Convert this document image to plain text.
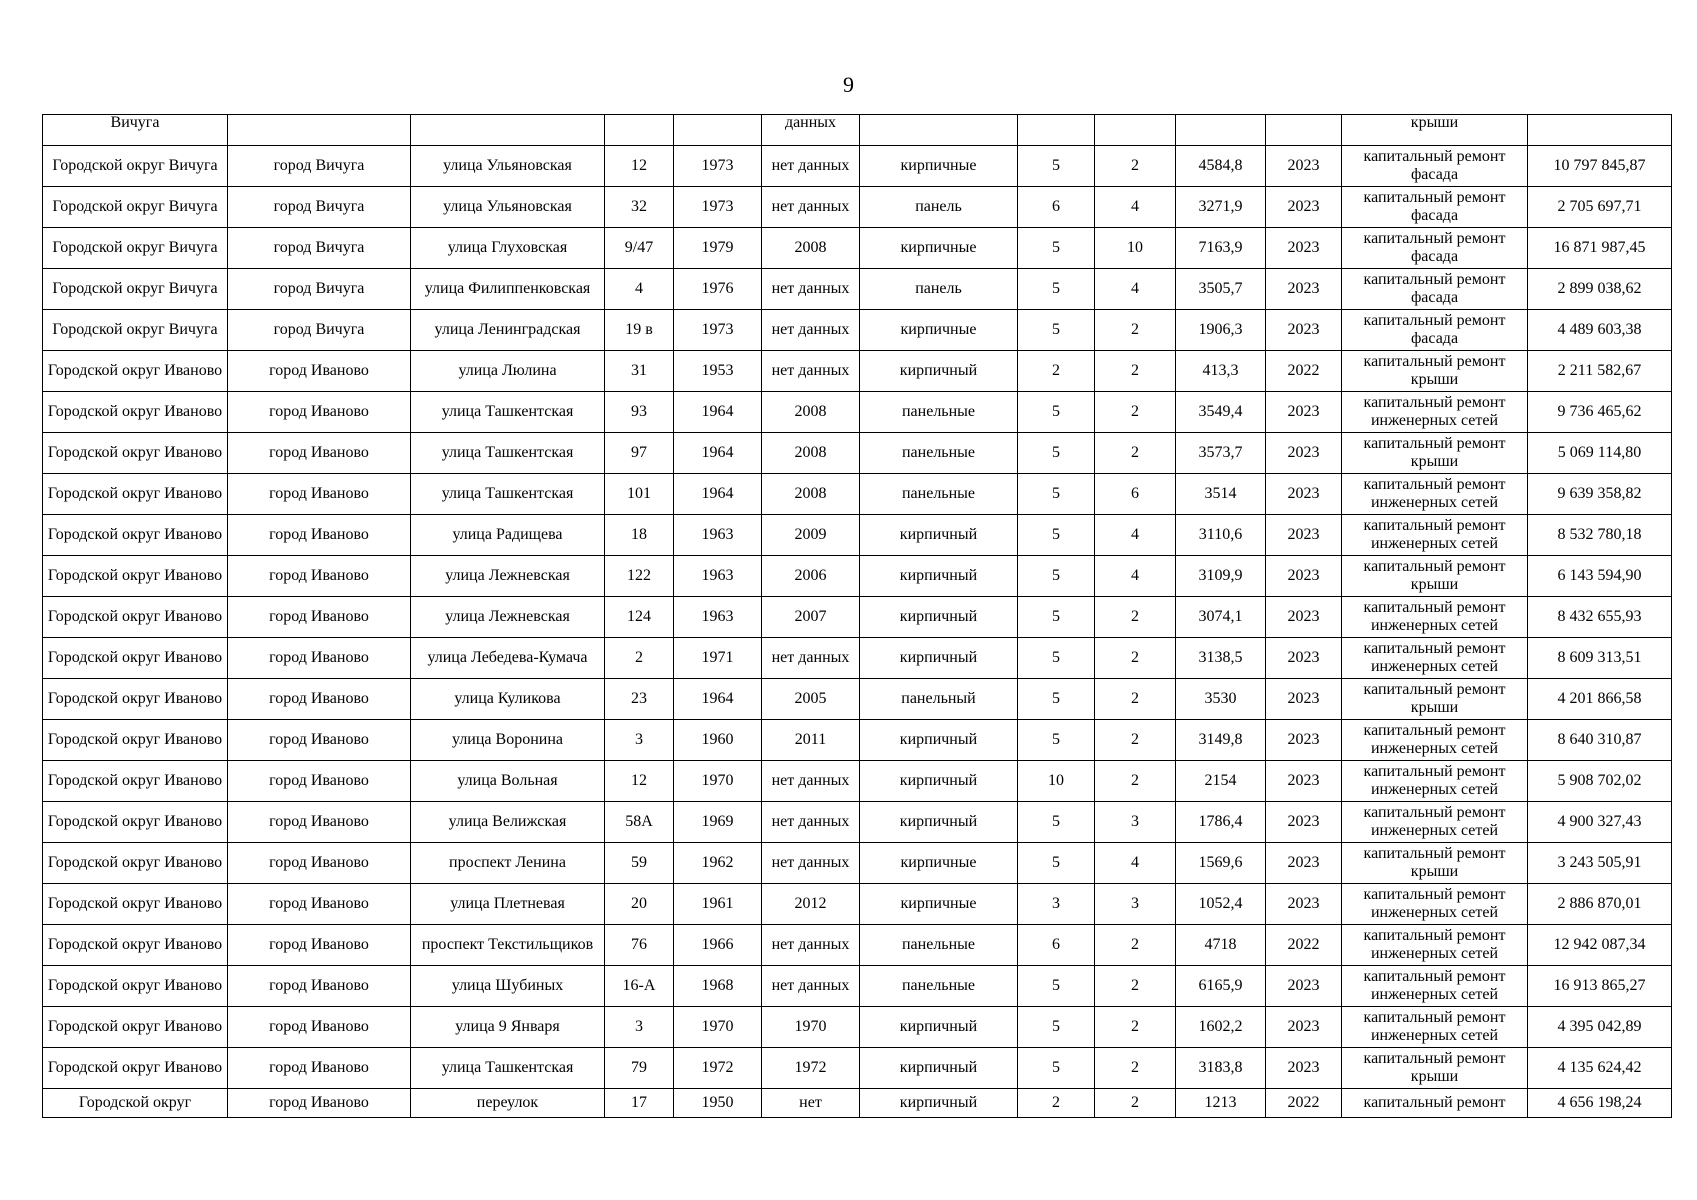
9
Вичуга					данных						крыши	
Городской округ Вичуга	город Вичуга	улица Ульяновская	12	1973	нет данных	кирпичные	5	2	4584,8	2023	капитальный ремонт фасада	10 797 845,87
Городской округ Вичуга	город Вичуга	улица Ульяновская	32	1973	нет данных	панель	6	4	3271,9	2023	капитальный ремонт фасада	2 705 697,71
Городской округ Вичуга	город Вичуга	улица Глуховская	9/47	1979	2008	кирпичные	5	10	7163,9	2023	капитальный ремонт фасада	16 871 987,45
Городской округ Вичуга	город Вичуга	улица Филиппенковская	4	1976	нет данных	панель	5	4	3505,7	2023	капитальный ремонт фасада	2 899 038,62
Городской округ Вичуга	город Вичуга	улица Ленинградская	19 в	1973	нет данных	кирпичные	5	2	1906,3	2023	капитальный ремонт фасада	4 489 603,38
Городской округ Иваново	город Иваново	улица Люлина	31	1953	нет данных	кирпичный	2	2	413,3	2022	капитальный ремонт крыши	2 211 582,67
Городской округ Иваново	город Иваново	улица Ташкентская	93	1964	2008	панельные	5	2	3549,4	2023	капитальный ремонт инженерных сетей	9 736 465,62
Городской округ Иваново	город Иваново	улица Ташкентская	97	1964	2008	панельные	5	2	3573,7	2023	капитальный ремонт крыши	5 069 114,80
Городской округ Иваново	город Иваново	улица Ташкентская	101	1964	2008	панельные	5	6	3514	2023	капитальный ремонт инженерных сетей	9 639 358,82
Городской округ Иваново	город Иваново	улица Радищева	18	1963	2009	кирпичный	5	4	3110,6	2023	капитальный ремонт инженерных сетей	8 532 780,18
Городской округ Иваново	город Иваново	улица Лежневская	122	1963	2006	кирпичный	5	4	3109,9	2023	капитальный ремонт крыши	6 143 594,90
Городской округ Иваново	город Иваново	улица Лежневская	124	1963	2007	кирпичный	5	2	3074,1	2023	капитальный ремонт инженерных сетей	8 432 655,93
Городской округ Иваново	город Иваново	улица Лебедева-Кумача	2	1971	нет данных	кирпичный	5	2	3138,5	2023	капитальный ремонт инженерных сетей	8 609 313,51
Городской округ Иваново	город Иваново	улица Куликова	23	1964	2005	панельный	5	2	3530	2023	капитальный ремонт крыши	4 201 866,58
Городской округ Иваново	город Иваново	улица Воронина	3	1960	2011	кирпичный	5	2	3149,8	2023	капитальный ремонт инженерных сетей	8 640 310,87
Городской округ Иваново	город Иваново	улица Вольная	12	1970	нет данных	кирпичный	10	2	2154	2023	капитальный ремонт инженерных сетей	5 908 702,02
Городской округ Иваново	город Иваново	улица Велижская	58А	1969	нет данных	кирпичный	5	3	1786,4	2023	капитальный ремонт инженерных сетей	4 900 327,43
Городской округ Иваново	город Иваново	проспект Ленина	59	1962	нет данных	кирпичные	5	4	1569,6	2023	капитальный ремонт крыши	3 243 505,91
Городской округ Иваново	город Иваново	улица Плетневая	20	1961	2012	кирпичные	3	3	1052,4	2023	капитальный ремонт инженерных сетей	2 886 870,01
Городской округ Иваново	город Иваново	проспект Текстильщиков	76	1966	нет данных	панельные	6	2	4718	2022	капитальный ремонт инженерных сетей	12 942 087,34
Городской округ Иваново	город Иваново	улица Шубиных	16-А	1968	нет данных	панельные	5	2	6165,9	2023	капитальный ремонт инженерных сетей	16 913 865,27
Городской округ Иваново	город Иваново	улица 9 Января	3	1970	1970	кирпичный	5	2	1602,2	2023	капитальный ремонт инженерных сетей	4 395 042,89
Городской округ Иваново	город Иваново	улица Ташкентская	79	1972	1972	кирпичный	5	2	3183,8	2023	капитальный ремонт крыши	4 135 624,42
Городской округ	город Иваново	переулок	17	1950	нет	кирпичный	2	2	1213	2022	капитальный ремонт	4 656 198,24
